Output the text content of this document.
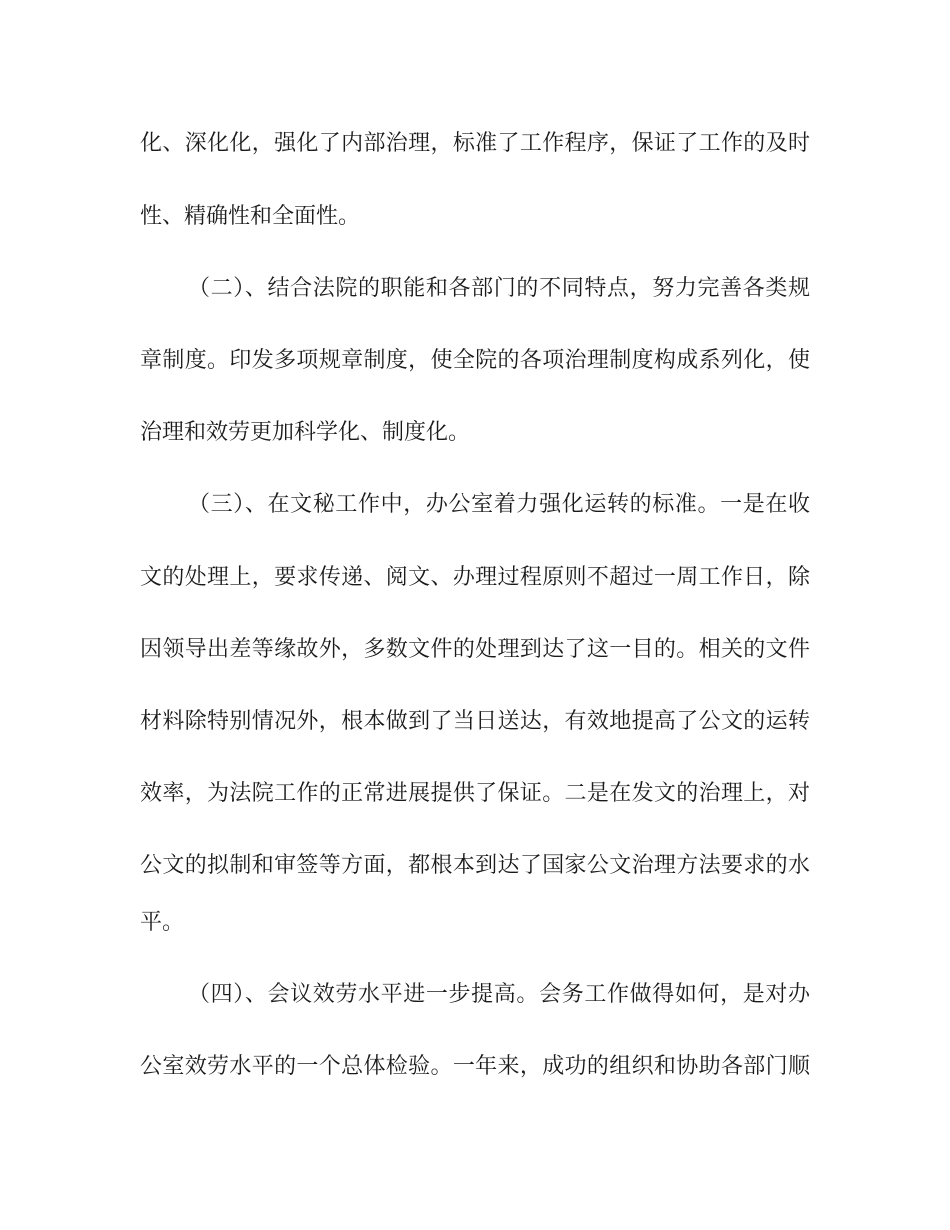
化、深化化，强化了内部治理，标准了工作程序，保证了工作的及时
性、精确性和全面性。
（二）、结合法院的职能和各部门的不同特点，努力完善各类规
章制度。印发多项规章制度，使全院的各项治理制度构成系列化，使
治理和效劳更加科学化、制度化。
（三）、在文秘工作中，办公室着力强化运转的标准。一是在收
文的处理上，要求传递、阅文、办理过程原则不超过一周工作日，除
因领导出差等缘故外，多数文件的处理到达了这一目的。相关的文件
材料除特别情况外，根本做到了当日送达，有效地提高了公文的运转
效率，为法院工作的正常进展提供了保证。二是在发文的治理上，对
公文的拟制和审签等方面，都根本到达了国家公文治理方法要求的水
平。
（四）、会议效劳水平进一步提高。会务工作做得如何，是对办
公室效劳水平的一个总体检验。一年来，成功的组织和协助各部门顺
